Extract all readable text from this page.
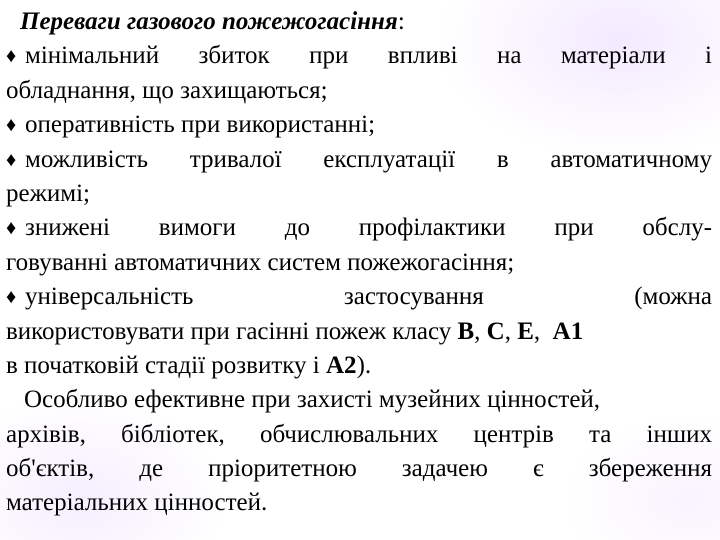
Переваги газового пожежогасіння:
♦ мінімальний збиток при впливі на матеріали і
обладнання, що захищаються;
♦ оперативність при використанні;
♦ можливість тривалої експлуатації в автоматичному
режимі;
♦ знижені вимоги до профілактики при обслу-
говуванні автоматичних систем пожежогасіння;
♦ універсальність	застосування	(можна
використовувати при гасінні пожеж класу В, С, Е, А1
в початковій стадії розвитку і А2).
Особливо ефективне при захисті музейних цінностей,
архівів, бібліотек, обчислювальних центрів та інших
об'єктів, де пріоритетною задачею є збереження
матеріальних цінностей.
